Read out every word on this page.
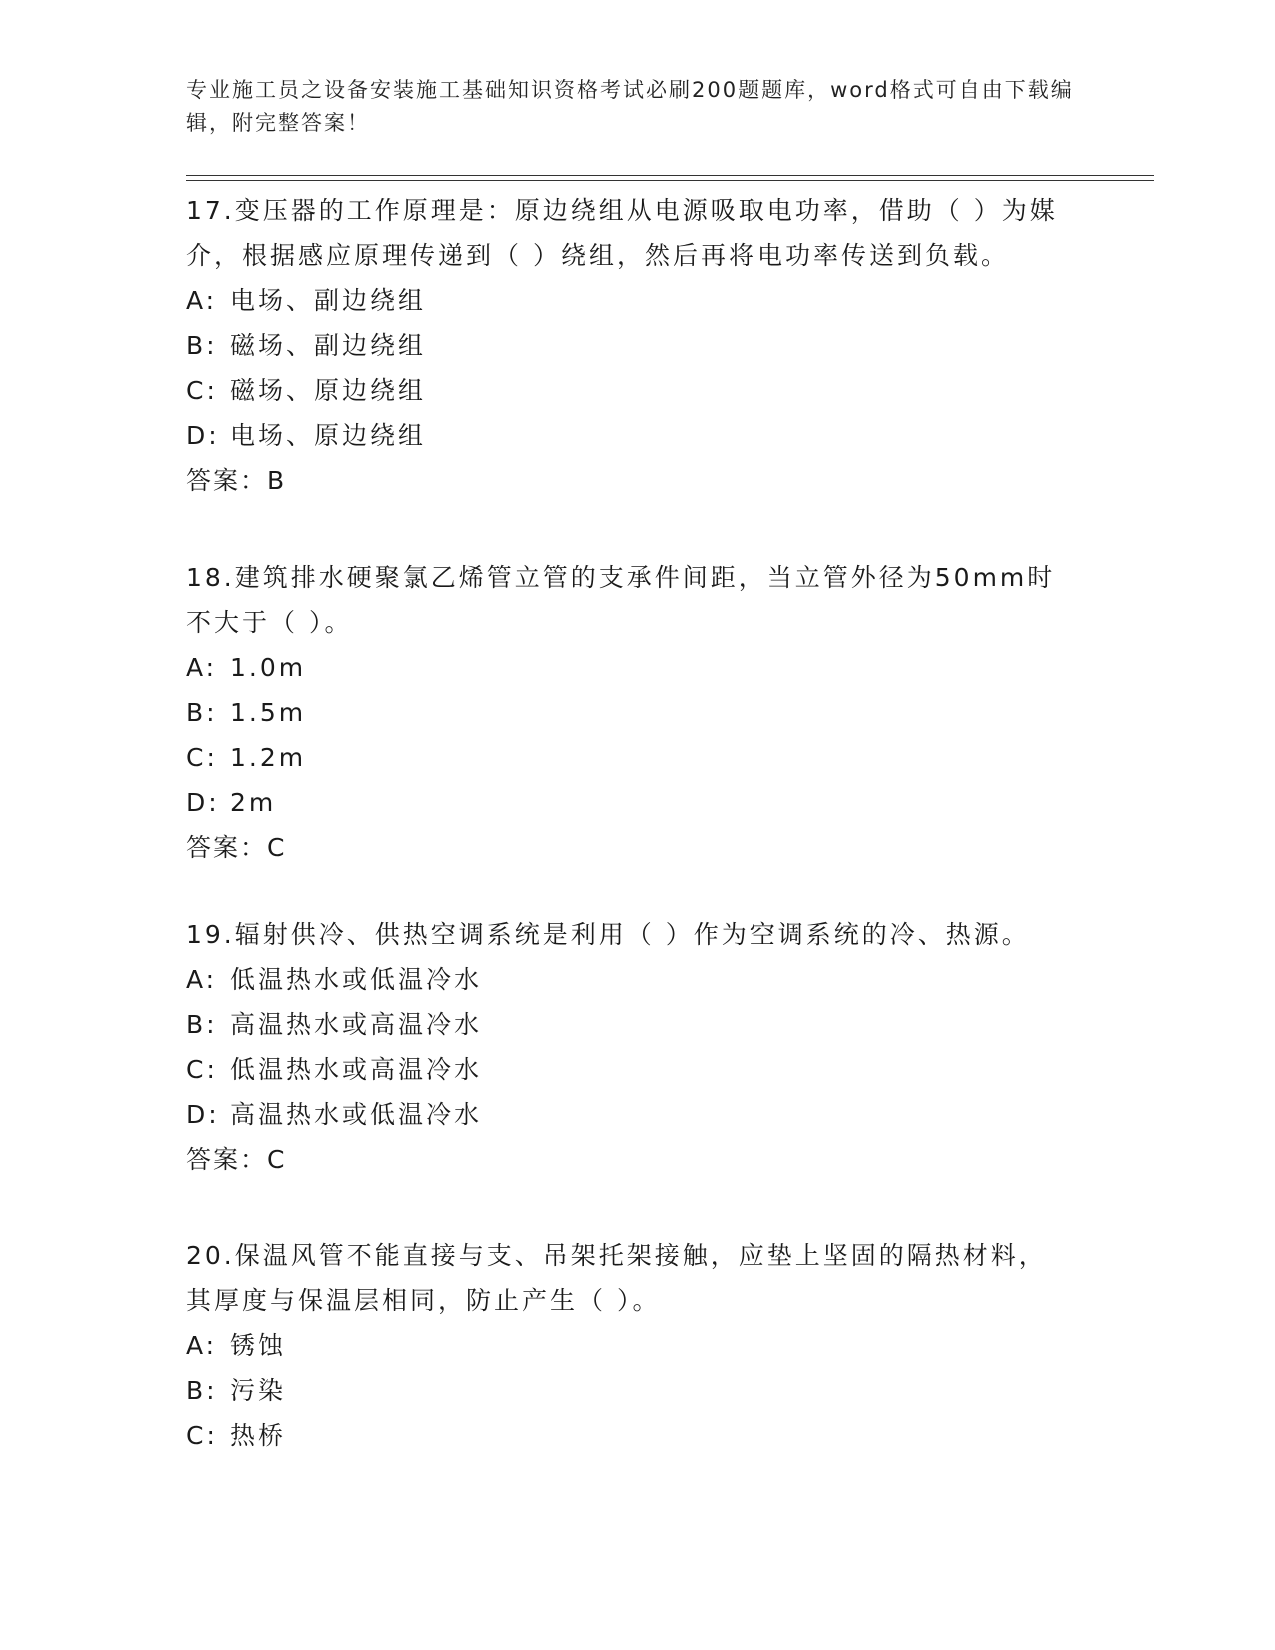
专业施工员之设备安装施工基础知识资格考试必刷200题题库，word格式可自由下载编辑，附完整答案！

17.变压器的工作原理是：原边绕组从电源吸取电功率，借助（ ）为媒介，根据感应原理传递到（ ）绕组，然后再将电功率传送到负载。

A: 电场、副边绕组

B: 磁场、副边绕组

C: 磁场、原边绕组

D: 电场、原边绕组

答案：B

18.建筑排水硬聚氯乙烯管立管的支承件间距，当立管外径为50mm时不大于（ ）。

A: 1.0m

B: 1.5m

C: 1.2m

D: 2m

答案：C

19.辐射供冷、供热空调系统是利用（ ）作为空调系统的冷、热源。

A: 低温热水或低温冷水

B: 高温热水或高温冷水

C: 低温热水或高温冷水

D: 高温热水或低温冷水

答案：C

20.保温风管不能直接与支、吊架托架接触，应垫上坚固的隔热材料，其厚度与保温层相同，防止产生（ ）。

A: 锈蚀

B: 污染

C: 热桥
